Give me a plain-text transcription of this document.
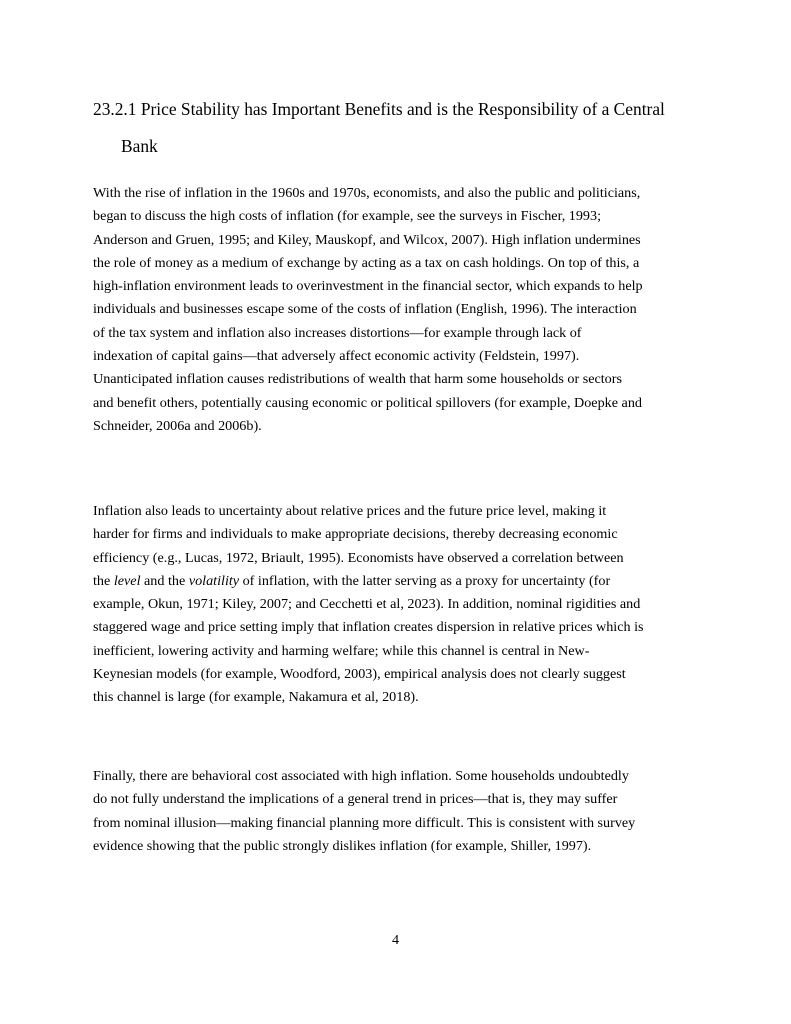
23.2.1 Price Stability has Important Benefits and is the Responsibility of a Central
Bank

With the rise of inflation in the 1960s and 1970s, economists, and also the public and politicians,
began to discuss the high costs of inflation (for example, see the surveys in Fischer, 1993;
Anderson and Gruen, 1995; and Kiley, Mauskopf, and Wilcox, 2007). High inflation undermines
the role of money as a medium of exchange by acting as a tax on cash holdings. On top of this, a
high-inflation environment leads to overinvestment in the financial sector, which expands to help
individuals and businesses escape some of the costs of inflation (English, 1996). The interaction
of the tax system and inflation also increases distortions—for example through lack of
indexation of capital gains—that adversely affect economic activity (Feldstein, 1997).
Unanticipated inflation causes redistributions of wealth that harm some households or sectors
and benefit others, potentially causing economic or political spillovers (for example, Doepke and
Schneider, 2006a and 2006b).

Inflation also leads to uncertainty about relative prices and the future price level, making it
harder for firms and individuals to make appropriate decisions, thereby decreasing economic
efficiency (e.g., Lucas, 1972, Briault, 1995). Economists have observed a correlation between
the level and the volatility of inflation, with the latter serving as a proxy for uncertainty (for
example, Okun, 1971; Kiley, 2007; and Cecchetti et al, 2023). In addition, nominal rigidities and
staggered wage and price setting imply that inflation creates dispersion in relative prices which is
inefficient, lowering activity and harming welfare; while this channel is central in New-
Keynesian models (for example, Woodford, 2003), empirical analysis does not clearly suggest
this channel is large (for example, Nakamura et al, 2018).

Finally, there are behavioral cost associated with high inflation. Some households undoubtedly
do not fully understand the implications of a general trend in prices—that is, they may suffer
from nominal illusion—making financial planning more difficult. This is consistent with survey
evidence showing that the public strongly dislikes inflation (for example, Shiller, 1997).

4
